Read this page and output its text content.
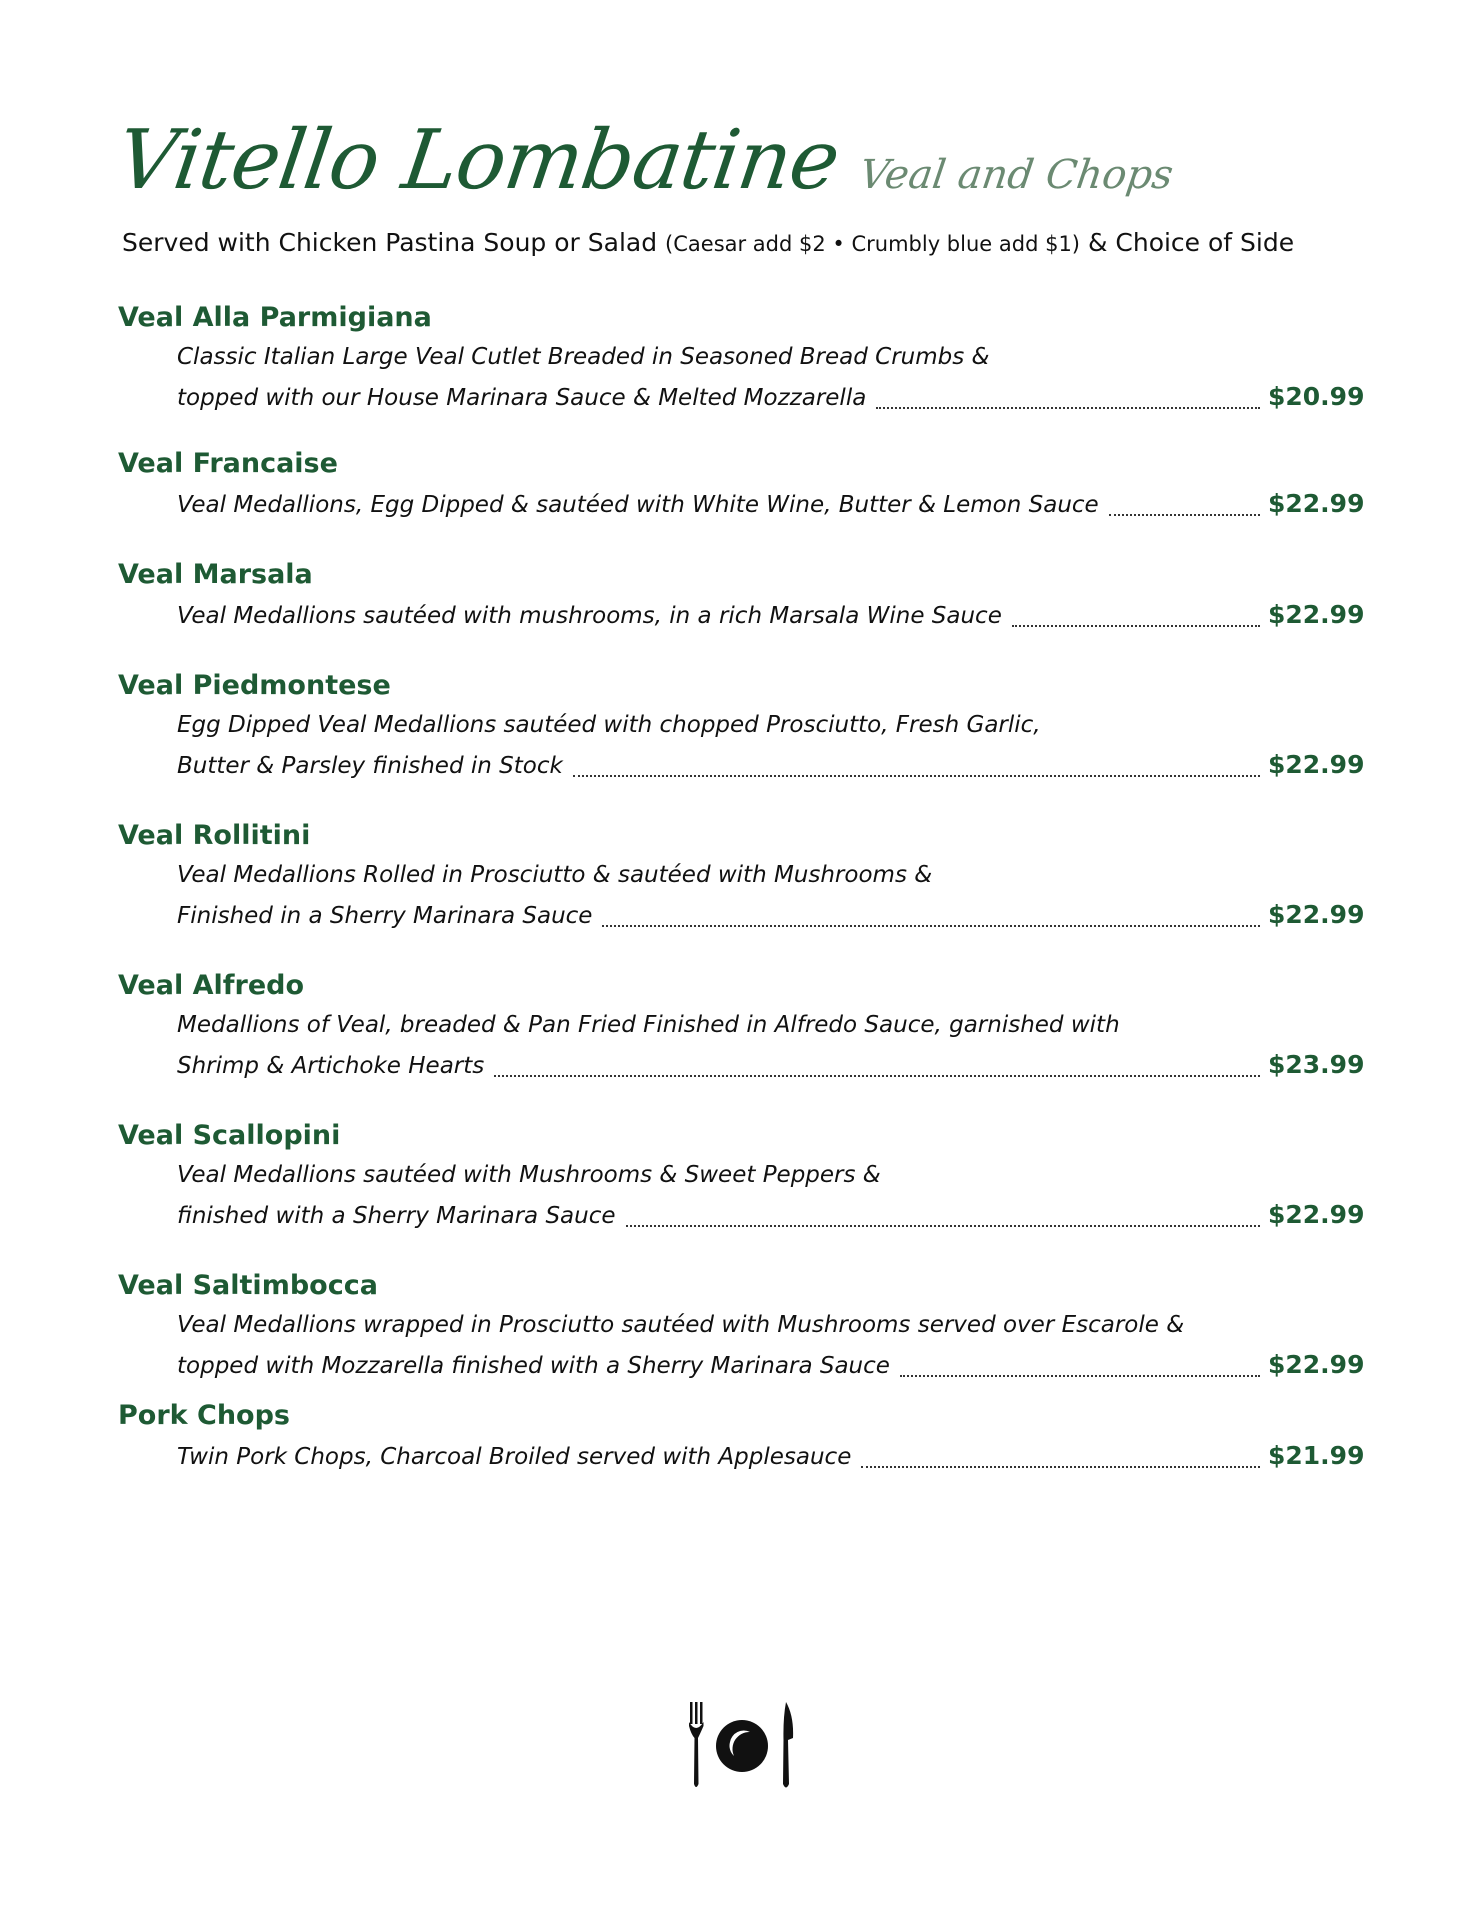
Vitello Lombatine Veal and Chops
Served with Chicken Pastina Soup or Salad (Caesar add $2 • Crumbly blue add $1) & Choice of Side
Veal Alla Parmigiana
Classic Italian Large Veal Cutlet Breaded in Seasoned Bread Crumbs &
topped with our House Marinara Sauce & Melted Mozzarella	$20.99
Veal Francaise
Veal Medallions, Egg Dipped & sautéed with White Wine, Butter & Lemon Sauce	$22.99
Veal Marsala
Veal Medallions sautéed with mushrooms, in a rich Marsala Wine Sauce	$22.99
Veal Piedmontese
Egg Dipped Veal Medallions sautéed with chopped Prosciutto, Fresh Garlic,
Butter & Parsley finished in Stock	$22.99
Veal Rollitini
Veal Medallions Rolled in Prosciutto & sautéed with Mushrooms &
Finished in a Sherry Marinara Sauce	$22.99
Veal Alfredo
Medallions of Veal, breaded & Pan Fried Finished in Alfredo Sauce, garnished with
Shrimp & Artichoke Hearts	$23.99
Veal Scallopini
Veal Medallions sautéed with Mushrooms & Sweet Peppers &
finished with a Sherry Marinara Sauce	$22.99
Veal Saltimbocca
Veal Medallions wrapped in Prosciutto sautéed with Mushrooms served over Escarole &
topped with Mozzarella finished with a Sherry Marinara Sauce	$22.99
Pork Chops
Twin Pork Chops, Charcoal Broiled served with Applesauce	$21.99
